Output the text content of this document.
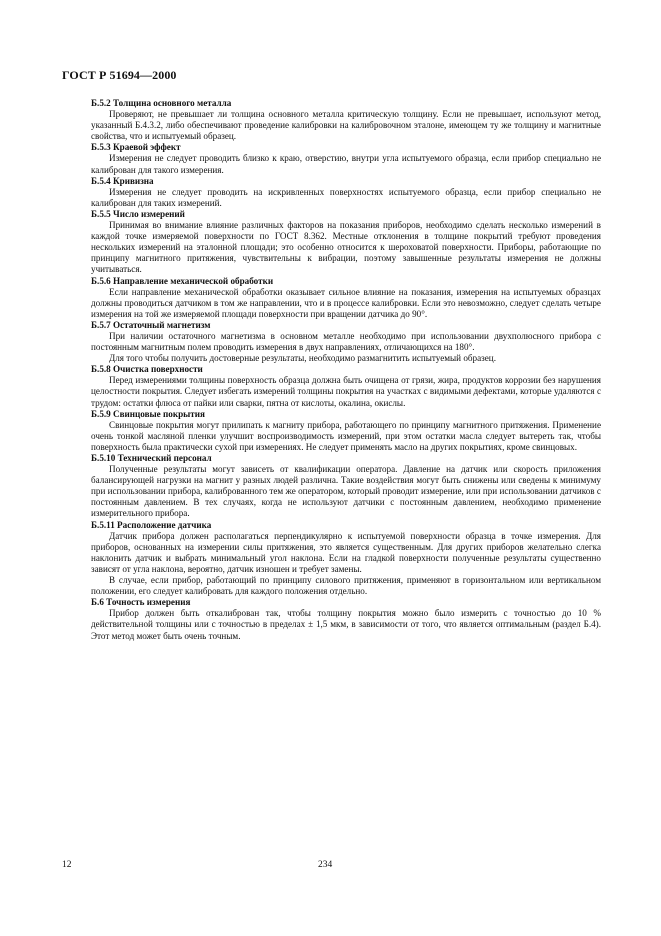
ГОСТ Р 51694—2000

Б.5.2 Толщина основного металла

Проверяют, не превышает ли толщина основного металла критическую толщину. Если не превышает, используют метод, указанный Б.4.3.2, либо обеспечивают проведение калибровки на калибровочном эталоне, имеющем ту же толщину и магнитные свойства, что и испытуемый образец.

Б.5.3 Краевой эффект

Измерения не следует проводить близко к краю, отверстию, внутри угла испытуемого образца, если прибор специально не калиброван для такого измерения.

Б.5.4 Кривизна

Измерения не следует проводить на искривленных поверхностях испытуемого образца, если прибор специально не калиброван для таких измерений.

Б.5.5 Число измерений

Принимая во внимание влияние различных факторов на показания приборов, необходимо сделать несколько измерений в каждой точке измеряемой поверхности по ГОСТ 8.362. Местные отклонения в толщине покрытий требуют проведения нескольких измерений на эталонной площади; это особенно относится к шероховатой поверхности. Приборы, работающие по принципу магнитного притяжения, чувствительны к вибрации, поэтому завышенные результаты измерения не должны учитываться.

Б.5.6 Направление механической обработки

Если направление механической обработки оказывает сильное влияние на показания, измерения на испытуемых образцах должны проводиться датчиком в том же направлении, что и в процессе калибровки. Если это невозможно, следует сделать четыре измерения на той же измеряемой площади поверхности при вращении датчика до 90°.

Б.5.7 Остаточный магнетизм

При наличии остаточного магнетизма в основном металле необходимо при использовании двухполюсного прибора с постоянным магнитным полем проводить измерения в двух направлениях, отличающихся на 180°.

Для того чтобы получить достоверные результаты, необходимо размагнитить испытуемый образец.

Б.5.8 Очистка поверхности

Перед измерениями толщины поверхность образца должна быть очищена от грязи, жира, продуктов коррозии без нарушения целостности покрытия. Следует избегать измерений толщины покрытия на участках с видимыми дефектами, которые удаляются с трудом: остатки флюса от пайки или сварки, пятна от кислоты, окалина, окислы.

Б.5.9 Свинцовые покрытия

Свинцовые покрытия могут прилипать к магниту прибора, работающего по принципу магнитного притяжения. Применение очень тонкой масляной пленки улучшит воспроизводимость измерений, при этом остатки масла следует вытереть так, чтобы поверхность была практически сухой при измерениях. Не следует применять масло на других покрытиях, кроме свинцовых.

Б.5.10 Технический персонал

Полученные результаты могут зависеть от квалификации оператора. Давление на датчик или скорость приложения балансирующей нагрузки на магнит у разных людей различна. Такие воздействия могут быть снижены или сведены к минимуму при использовании прибора, калиброванного тем же оператором, который проводит измерение, или при использовании датчиков с постоянным давлением. В тех случаях, когда не используют датчики с постоянным давлением, необходимо применение измерительного прибора.

Б.5.11 Расположение датчика

Датчик прибора должен располагаться перпендикулярно к испытуемой поверхности образца в точке измерения. Для приборов, основанных на измерении силы притяжения, это является существенным. Для других приборов желательно слегка наклонить датчик и выбрать минимальный угол наклона. Если на гладкой поверхности полученные результаты существенно зависят от угла наклона, вероятно, датчик изношен и требует замены.

В случае, если прибор, работающий по принципу силового притяжения, применяют в горизонтальном или вертикальном положении, его следует калибровать для каждого положения отдельно.

Б.6 Точность измерения

Прибор должен быть откалиброван так, чтобы толщину покрытия можно было измерить с точностью до 10 % действительной толщины или с точностью в пределах ± 1,5 мкм, в зависимости от того, что является оптимальным (раздел Б.4). Этот метод может быть очень точным.

12	234
